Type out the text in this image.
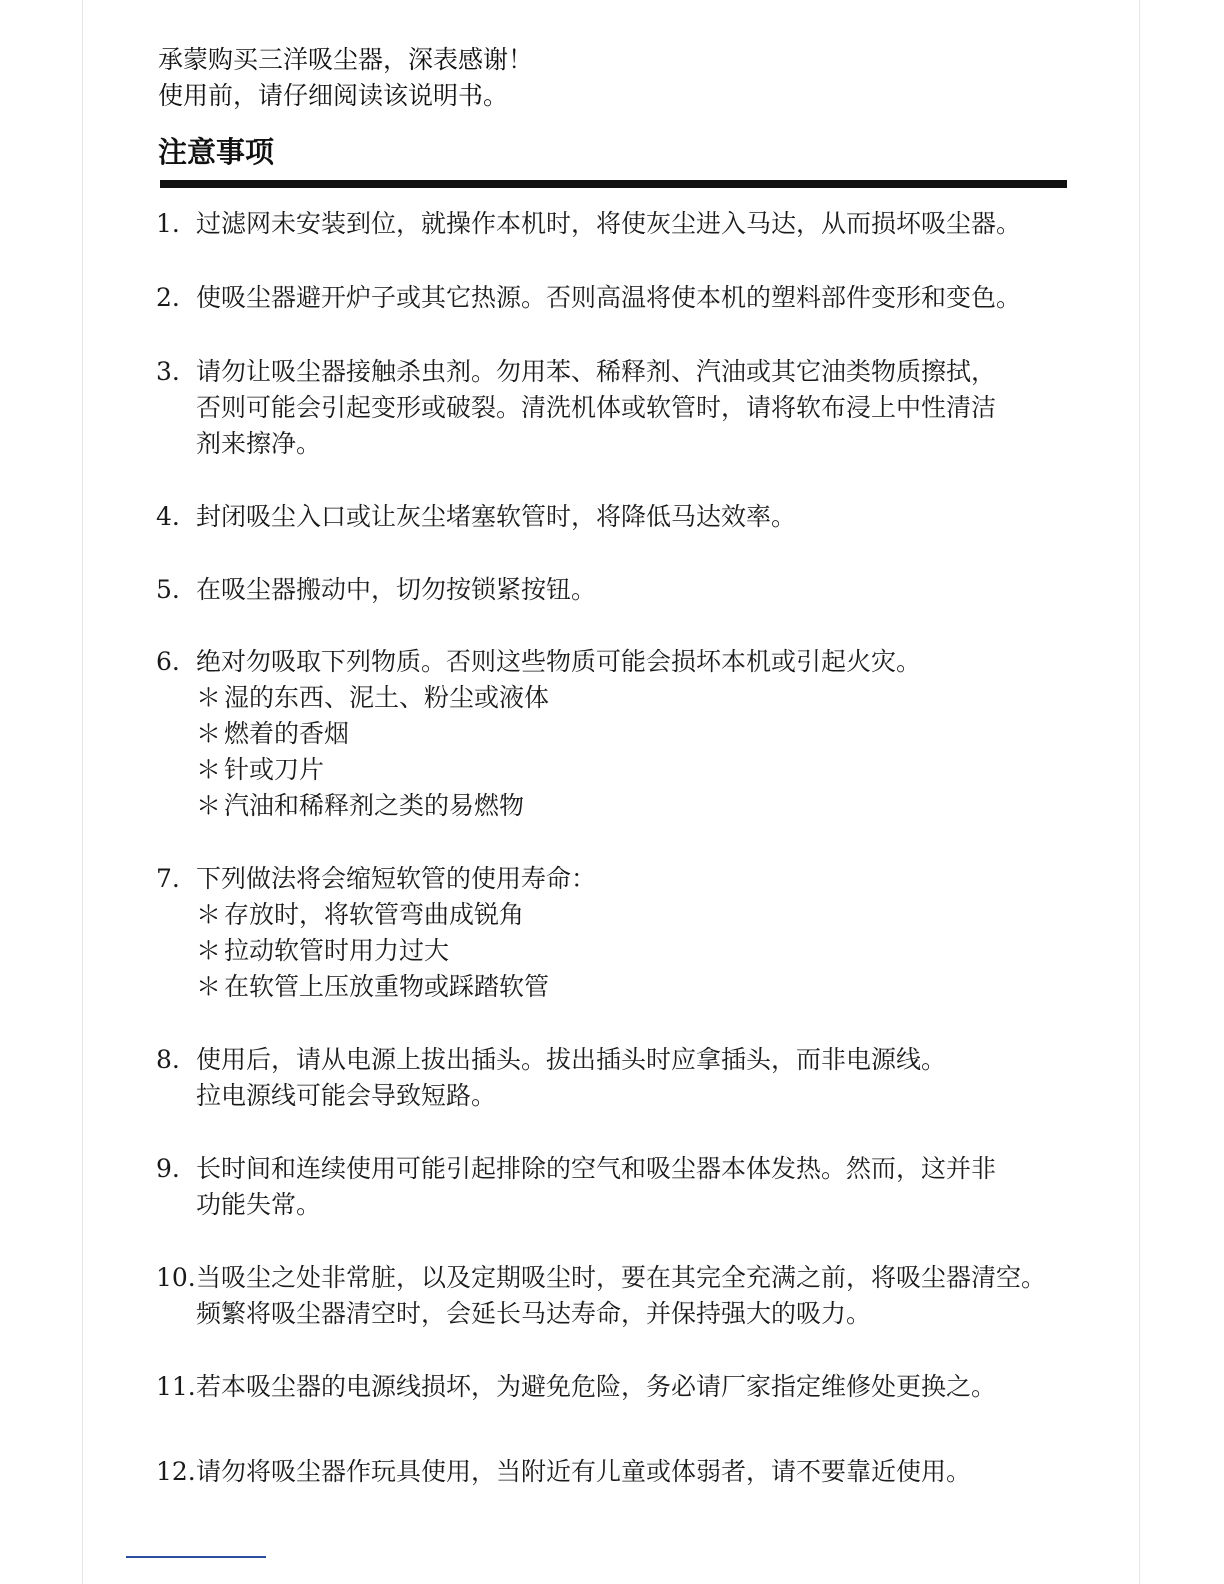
承蒙购买三洋吸尘器，深表感谢！
使用前，请仔细阅读该说明书。
注意事项
1. 过滤网未安装到位，就操作本机时，将使灰尘进入马达，从而损坏吸尘器。
2. 使吸尘器避开炉子或其它热源。否则高温将使本机的塑料部件变形和变色。
3. 请勿让吸尘器接触杀虫剂。勿用苯、稀释剂、汽油或其它油类物质擦拭，
否则可能会引起变形或破裂。清洗机体或软管时，请将软布浸上中性清洁
剂来擦净。
4. 封闭吸尘入口或让灰尘堵塞软管时，将降低马达效率。
5. 在吸尘器搬动中，切勿按锁紧按钮。
6. 绝对勿吸取下列物质。否则这些物质可能会损坏本机或引起火灾。
＊ 湿的东西、泥土、粉尘或液体
＊ 燃着的香烟
＊ 针或刀片
＊ 汽油和稀释剂之类的易燃物
7. 下列做法将会缩短软管的使用寿命：
＊ 存放时，将软管弯曲成锐角
＊ 拉动软管时用力过大
＊ 在软管上压放重物或踩踏软管
8. 使用后，请从电源上拔出插头。拔出插头时应拿插头，而非电源线。
拉电源线可能会导致短路。
9. 长时间和连续使用可能引起排除的空气和吸尘器本体发热。然而，这并非
功能失常。
10. 当吸尘之处非常脏，以及定期吸尘时，要在其完全充满之前，将吸尘器清空。
频繁将吸尘器清空时，会延长马达寿命，并保持强大的吸力。
11. 若本吸尘器的电源线损坏，为避免危险，务必请厂家指定维修处更换之。
12. 请勿将吸尘器作玩具使用，当附近有儿童或体弱者，请不要靠近使用。
